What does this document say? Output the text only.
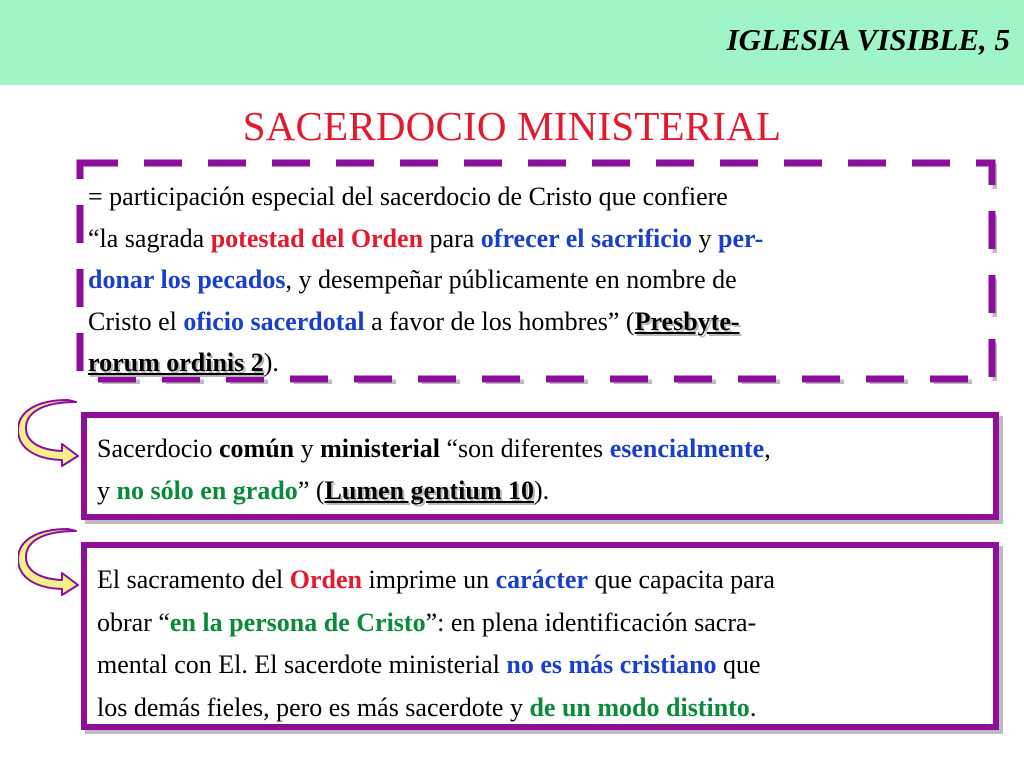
IGLESIA VISIBLE, 5
SACERDOCIO MINISTERIAL
= participación especial del sacerdocio de Cristo que confiere
“la sagrada potestad del Orden para ofrecer el sacrificio y per-
donar los pecados, y desempeñar públicamente en nombre de
Cristo el oficio sacerdotal a favor de los hombres” (Presbyte-
rorum ordinis 2).
Sacerdocio común y ministerial “son diferentes esencialmente,
y no sólo en grado” (Lumen gentium 10).
El sacramento del Orden imprime un carácter que capacita para
obrar “en la persona de Cristo”: en plena identificación sacra-
mental con El. El sacerdote ministerial no es más cristiano que
los demás fieles, pero es más sacerdote y de un modo distinto.
